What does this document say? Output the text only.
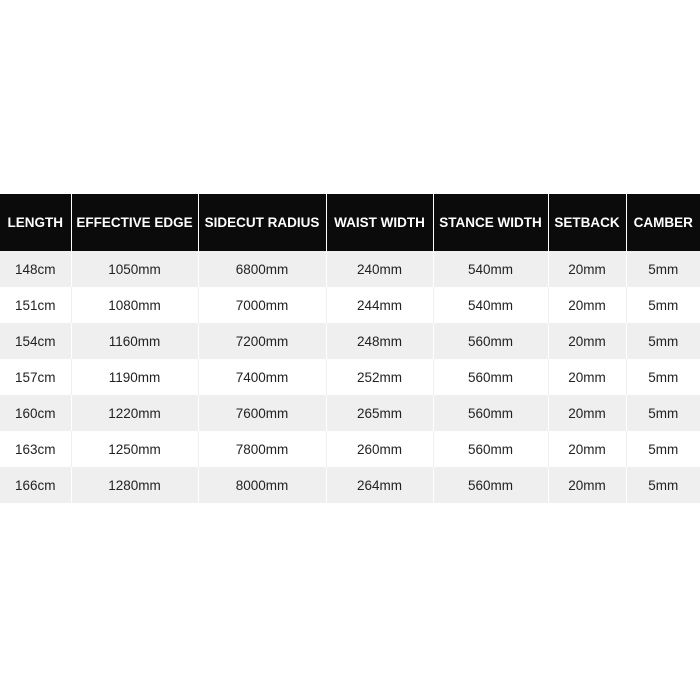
LENGTH	EFFECTIVE EDGE	SIDECUT RADIUS	WAIST WIDTH	STANCE WIDTH	SETBACK	CAMBER
148cm	1050mm	6800mm	240mm	540mm	20mm	5mm
151cm	1080mm	7000mm	244mm	540mm	20mm	5mm
154cm	1160mm	7200mm	248mm	560mm	20mm	5mm
157cm	1190mm	7400mm	252mm	560mm	20mm	5mm
160cm	1220mm	7600mm	265mm	560mm	20mm	5mm
163cm	1250mm	7800mm	260mm	560mm	20mm	5mm
166cm	1280mm	8000mm	264mm	560mm	20mm	5mm
